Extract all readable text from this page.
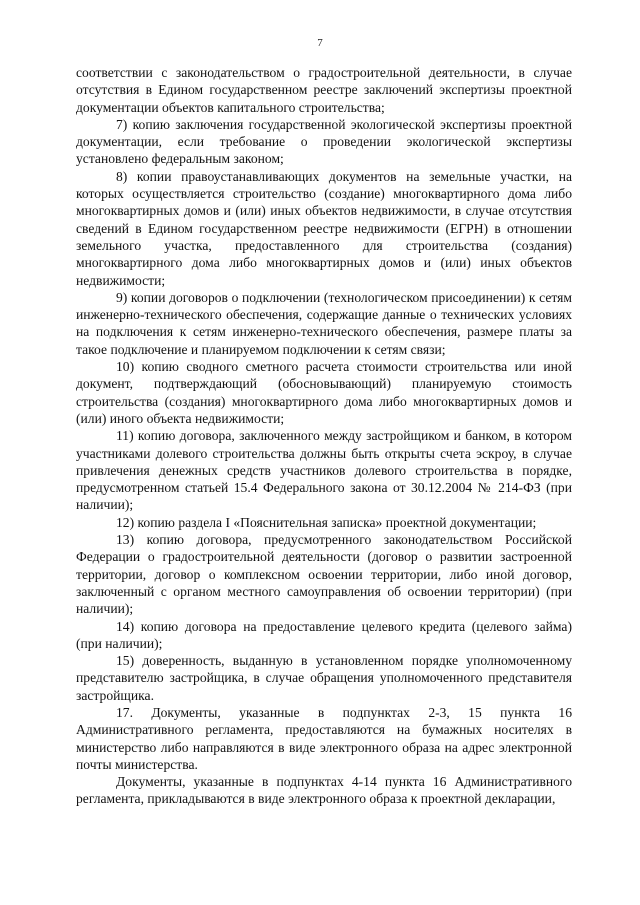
7

соответствии с законодательством о градостроительной деятельности, в случае отсутствия в Едином государственном реестре заключений экспертизы проектной документации объектов капитального строительства;

7) копию заключения государственной экологической экспертизы проектной документации, если требование о проведении экологической экспертизы установлено федеральным законом;

8) копии правоустанавливающих документов на земельные участки, на которых осуществляется строительство (создание) многоквартирного дома либо многоквартирных домов и (или) иных объектов недвижимости, в случае отсутствия сведений в Едином государственном реестре недвижимости (ЕГРН) в отношении земельного участка, предоставленного для строительства (создания) многоквартирного дома либо многоквартирных домов и (или) иных объектов недвижимости;

9) копии договоров о подключении (технологическом присоединении) к сетям инженерно-технического обеспечения, содержащие данные о технических условиях на подключения к сетям инженерно-технического обеспечения, размере платы за такое подключение и планируемом подключении к сетям связи;

10) копию сводного сметного расчета стоимости строительства или иной документ, подтверждающий (обосновывающий) планируемую стоимость строительства (создания) многоквартирного дома либо многоквартирных домов и (или) иного объекта недвижимости;

11) копию договора, заключенного между застройщиком и банком, в котором участниками долевого строительства должны быть открыты счета эскроу, в случае привлечения денежных средств участников долевого строительства в порядке, предусмотренном статьей 15.4 Федерального закона от 30.12.2004 № 214-ФЗ (при наличии);

12) копию раздела I «Пояснительная записка» проектной документации;

13) копию договора, предусмотренного законодательством Российской Федерации о градостроительной деятельности (договор о развитии застроенной территории, договор о комплексном освоении территории, либо иной договор, заключенный с органом местного самоуправления об освоении территории) (при наличии);

14) копию договора на предоставление целевого кредита (целевого займа) (при наличии);

15) доверенность, выданную в установленном порядке уполномоченному представителю застройщика, в случае обращения уполномоченного представителя застройщика.

17. Документы, указанные в подпунктах 2-3, 15 пункта 16 Административного регламента, предоставляются на бумажных носителях в министерство либо направляются в виде электронного образа на адрес электронной почты министерства.

Документы, указанные в подпунктах 4-14 пункта 16 Административного регламента, прикладываются в виде электронного образа к проектной декларации,
